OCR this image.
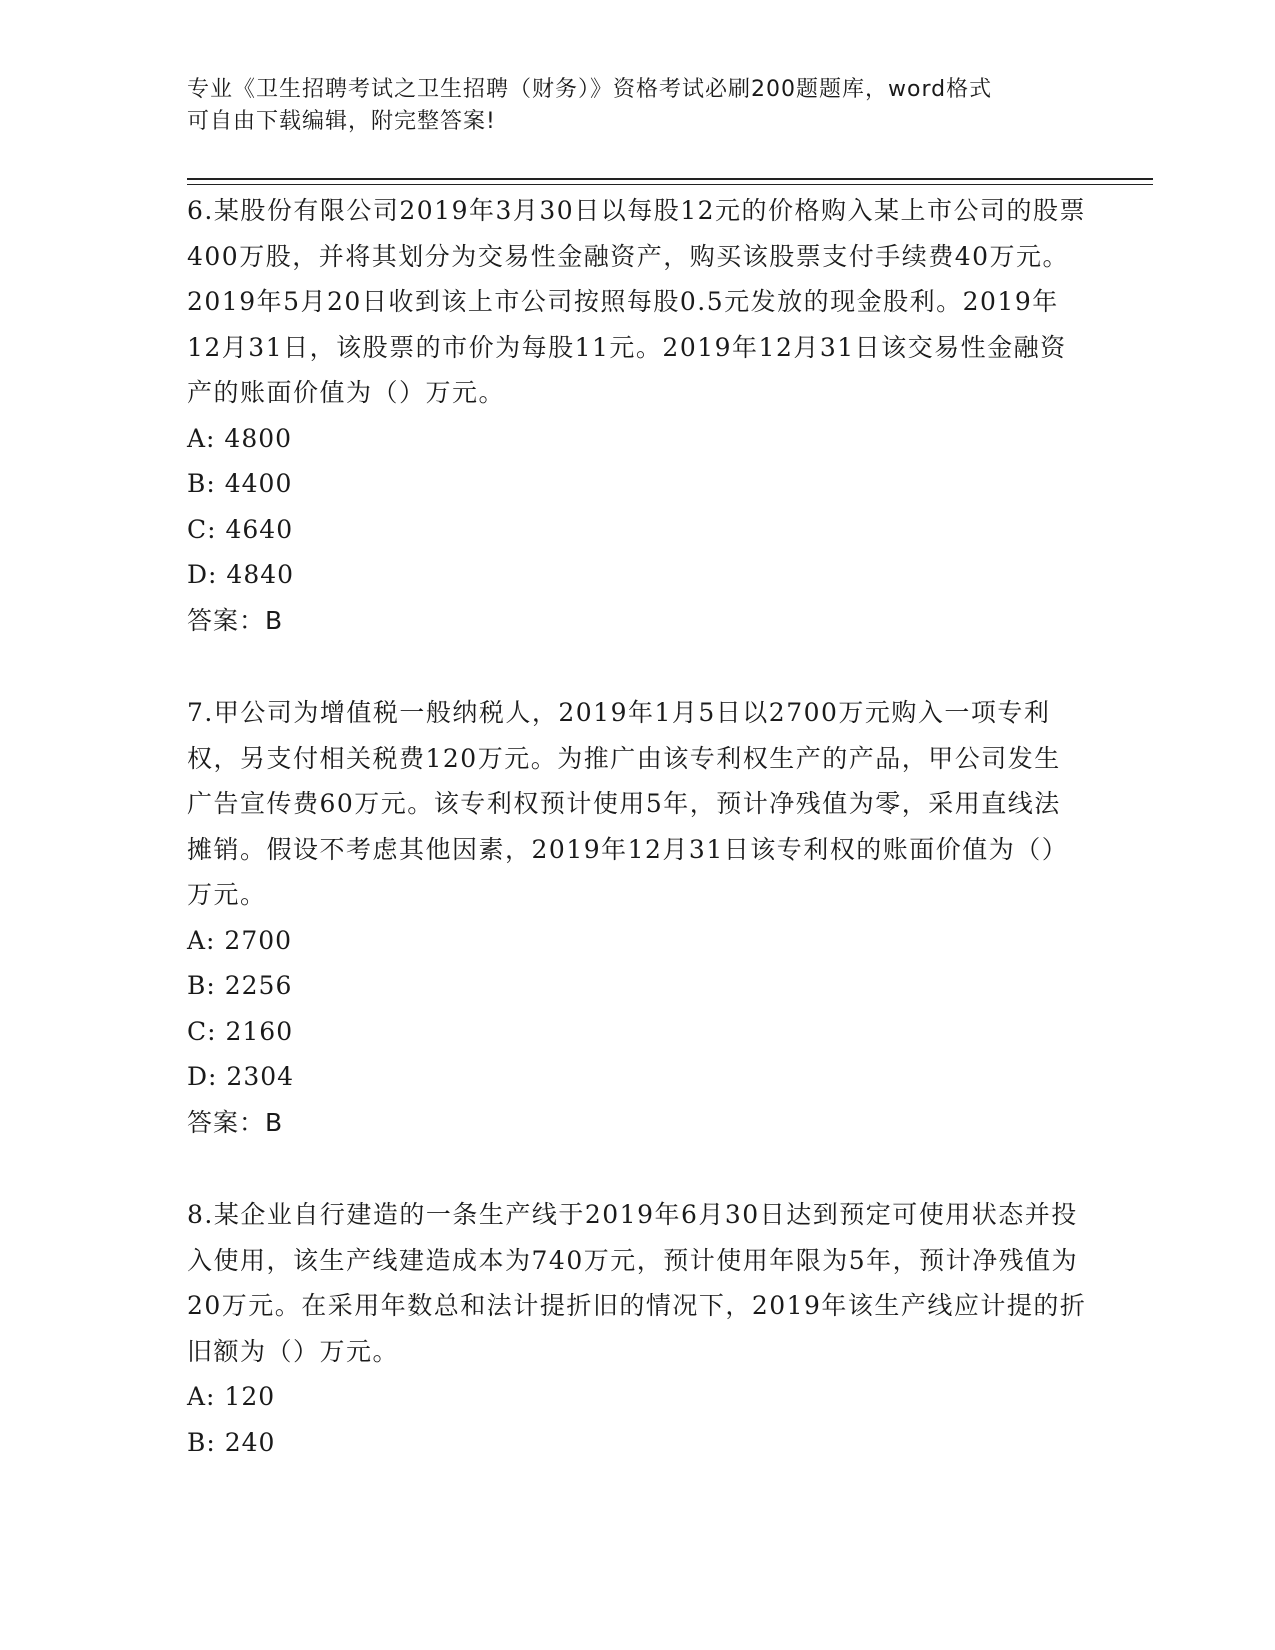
专业《卫生招聘考试之卫生招聘（财务）》资格考试必刷200题题库，word格式
可自由下载编辑，附完整答案!

6.某股份有限公司2019年3月30日以每股12元的价格购入某上市公司的股票400万股，并将其划分为交易性金融资产，购买该股票支付手续费40万元。2019年5月20日收到该上市公司按照每股0.5元发放的现金股利。2019年12月31日，该股票的市价为每股11元。2019年12月31日该交易性金融资产的账面价值为（）万元。

A: 4800

B: 4400

C: 4640

D: 4840

答案：B

7.甲公司为增值税一般纳税人，2019年1月5日以2700万元购入一项专利权，另支付相关税费120万元。为推广由该专利权生产的产品，甲公司发生广告宣传费60万元。该专利权预计使用5年，预计净残值为零，采用直线法摊销。假设不考虑其他因素，2019年12月31日该专利权的账面价值为（）万元。

A: 2700

B: 2256

C: 2160

D: 2304

答案：B

8.某企业自行建造的一条生产线于2019年6月30日达到预定可使用状态并投入使用，该生产线建造成本为740万元，预计使用年限为5年，预计净残值为20万元。在采用年数总和法计提折旧的情况下，2019年该生产线应计提的折旧额为（）万元。

A: 120

B: 240
